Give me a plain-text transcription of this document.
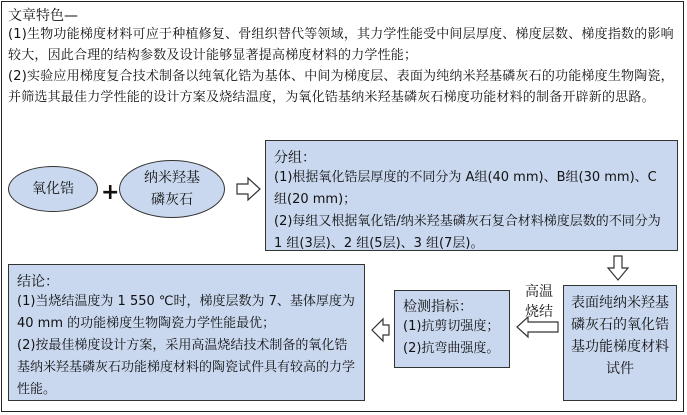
文章特色—
(1)生物功能梯度材料可应于种植修复、骨组织替代等领域，其力学性能受中间层厚度、梯度层数、梯度指数的影响较大，因此合理的结构参数及设计能够显著提高梯度材料的力学性能；
(2)实验应用梯度复合技术制备以纯氧化锆为基体、中间为梯度层、表面为纯纳米羟基磷灰石的功能梯度生物陶瓷，并筛选其最佳力学性能的设计方案及烧结温度，为氧化锆基纳米羟基磷灰石梯度功能材料的制备开辟新的思路。
氧化锆 +
纳米羟基
磷灰石
分组：
(1)根据氧化锆层厚度的不同分为 A组(40 mm)、B组(30 mm)、C组(20 mm)；
(2)每组又根据氧化锆/纳米羟基磷灰石复合材料梯度层数的不同分为 1 组(3层)、2 组(5层)、3 组(7层)。
表面纯纳米羟基磷灰石的氧化锆基功能梯度材料试件
高温
烧结
检测指标：
(1)抗剪切强度；
(2)抗弯曲强度。
结论：
(1)当烧结温度为 1 550 ℃时，梯度层数为 7、基体厚度为 40 mm 的功能梯度生物陶瓷力学性能最优；
(2)按最佳梯度设计方案，采用高温烧结技术制备的氧化锆基纳米羟基磷灰石功能梯度材料的陶瓷试件具有较高的力学性能。
